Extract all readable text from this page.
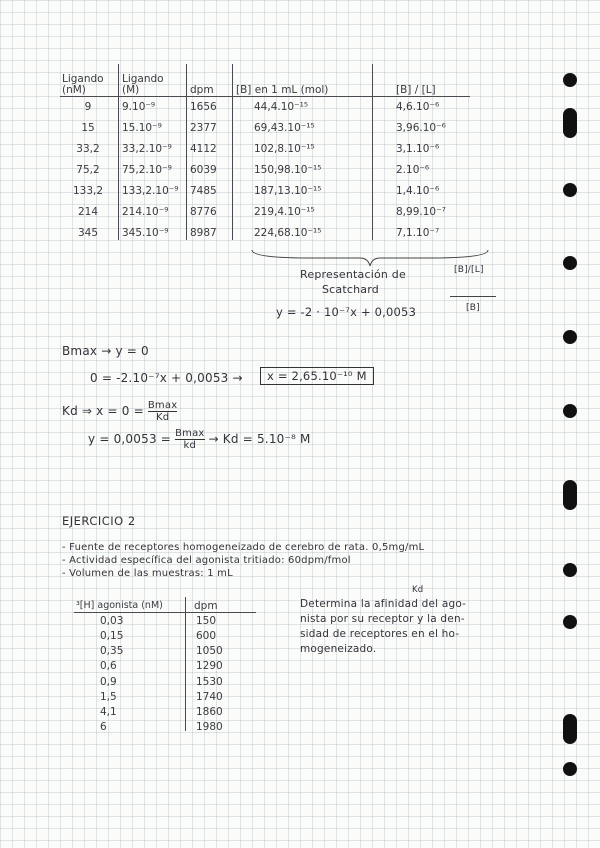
Ligando (nM)	Ligando (M)	dpm	[B] en 1 mL (mol)	[B] / [L]
9	9.10⁻⁹	1656	44,4.10⁻¹⁵	4,6.10⁻⁶
15	15.10⁻⁹	2377	69,43.10⁻¹⁵	3,96.10⁻⁶
33,2	33,2.10⁻⁹	4112	102,8.10⁻¹⁵	3,1.10⁻⁶
75,2	75,2.10⁻⁹	6039	150,98.10⁻¹⁵	2.10⁻⁶
133,2	133,2.10⁻⁹	7485	187,13.10⁻¹⁵	1,4.10⁻⁶
214	214.10⁻⁹	8776	219,4.10⁻¹⁵	8,99.10⁻⁷
345	345.10⁻⁹	8987	224,68.10⁻¹⁵	7,1.10⁻⁷
Representación de
Scatchard
[B]/[L]
[B]
y = -2 · 10⁻⁷x + 0,0053
Bmax → y = 0
0 = -2.10⁻⁷x + 0,0053 →	x = 2,65.10⁻¹⁰ M
Kd ⇒ $x = 0 = \frac{Bmax}{Kd}$
$y = 0,0053 = \frac{Bmax}{kd} \to Kd = 5.10^{-8}$ M
EJERCICIO 2
- Fuente de receptores homogeneizado de cerebro de rata. 0,5mg/mL
- Actividad específica del agonista tritiado: 60dpm/fmol
- Volumen de las muestras: 1 mL
³[H] agonista (nM)	dpm
0,03	150
0,15	600
0,35	1050
0,6	1290
0,9	1530
1,5	1740
4,1	1860
6	1980
Kd
Determina la afinidad del ago-
nista por su receptor y la den-
sidad de receptores en el ho-
mogeneizado.
